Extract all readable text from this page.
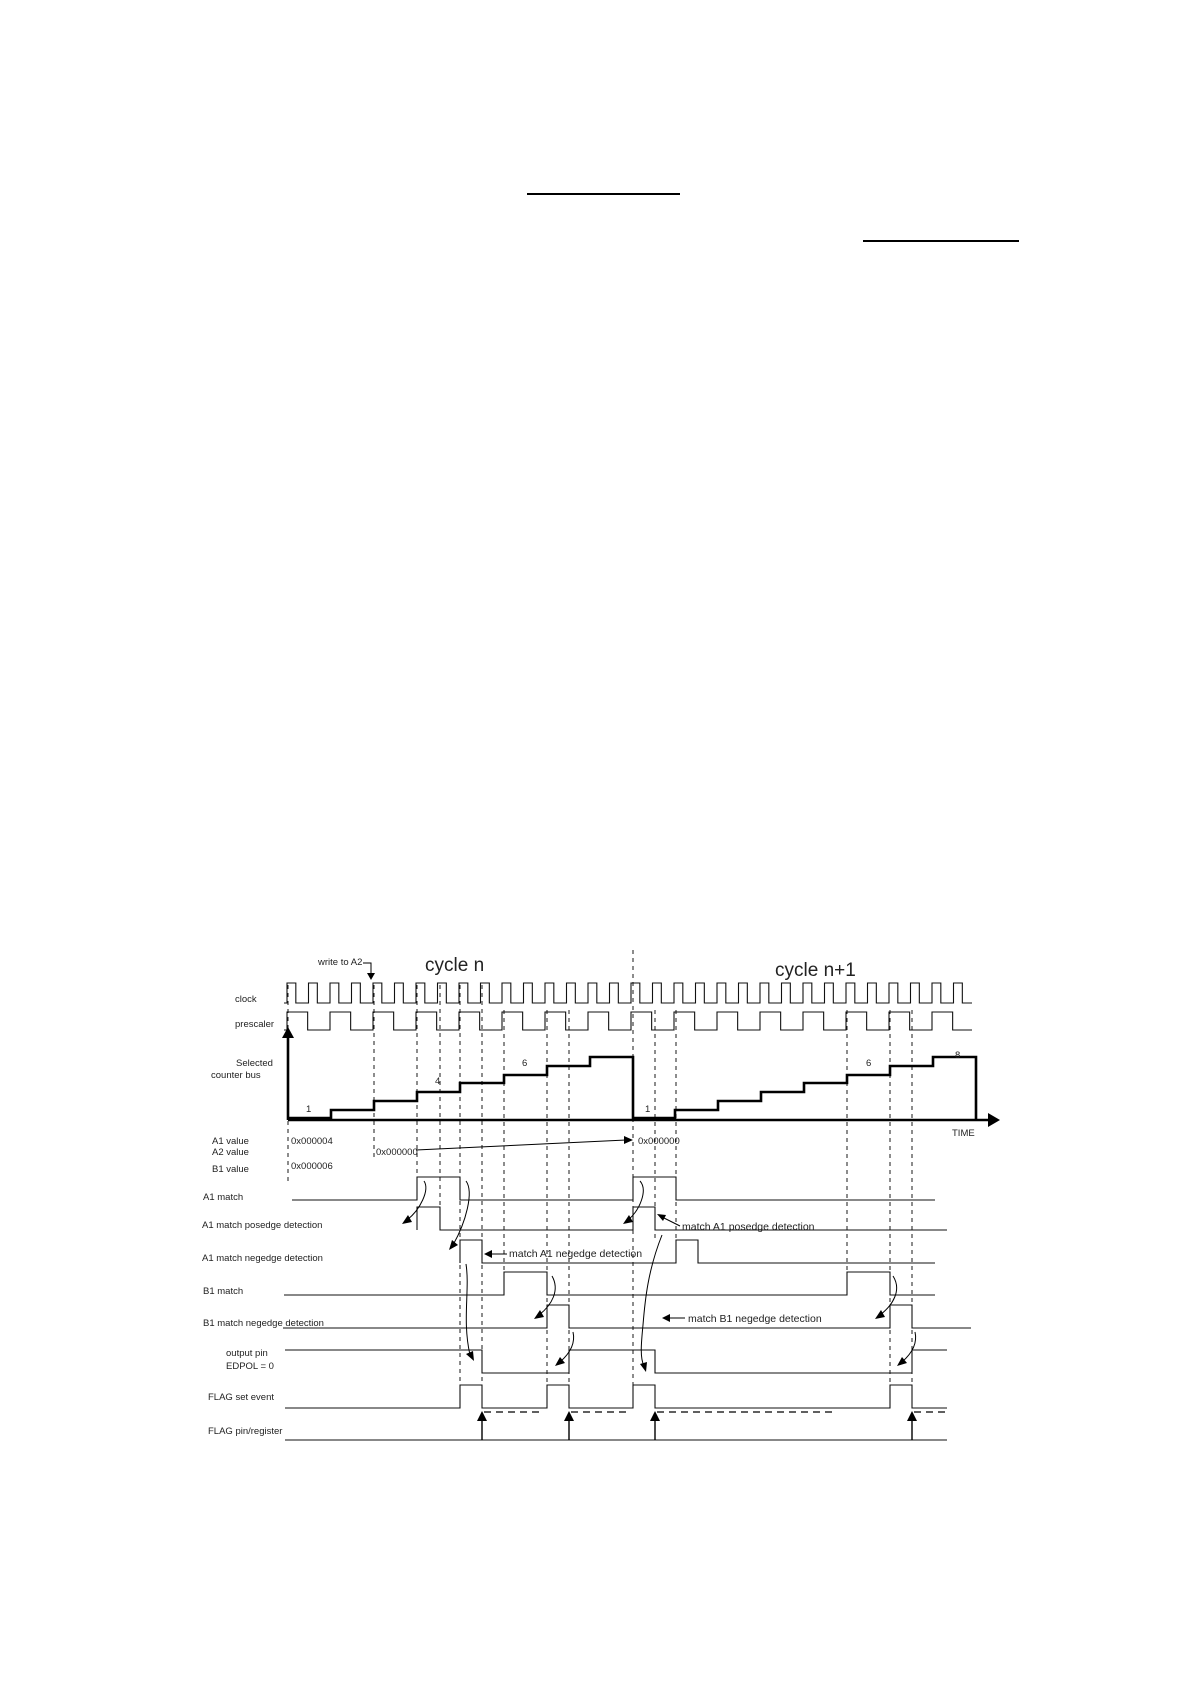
write to A2	cycle n	cycle n+1
clock
prescaler
Selected
counter bus
A1 value
A2 value
B1 value
A1 match
A1 match posedge detection
A1 match negedge detection
B1 match
B1 match negedge detection
output pin
EDPOL = 0
FLAG set event
FLAG pin/register
TIME
1
4
6
1
6
8
0x000004
0x000000
0x000006
0x000000
match A1 posedge detection
match A1 negedge detection
match B1 negedge detection
